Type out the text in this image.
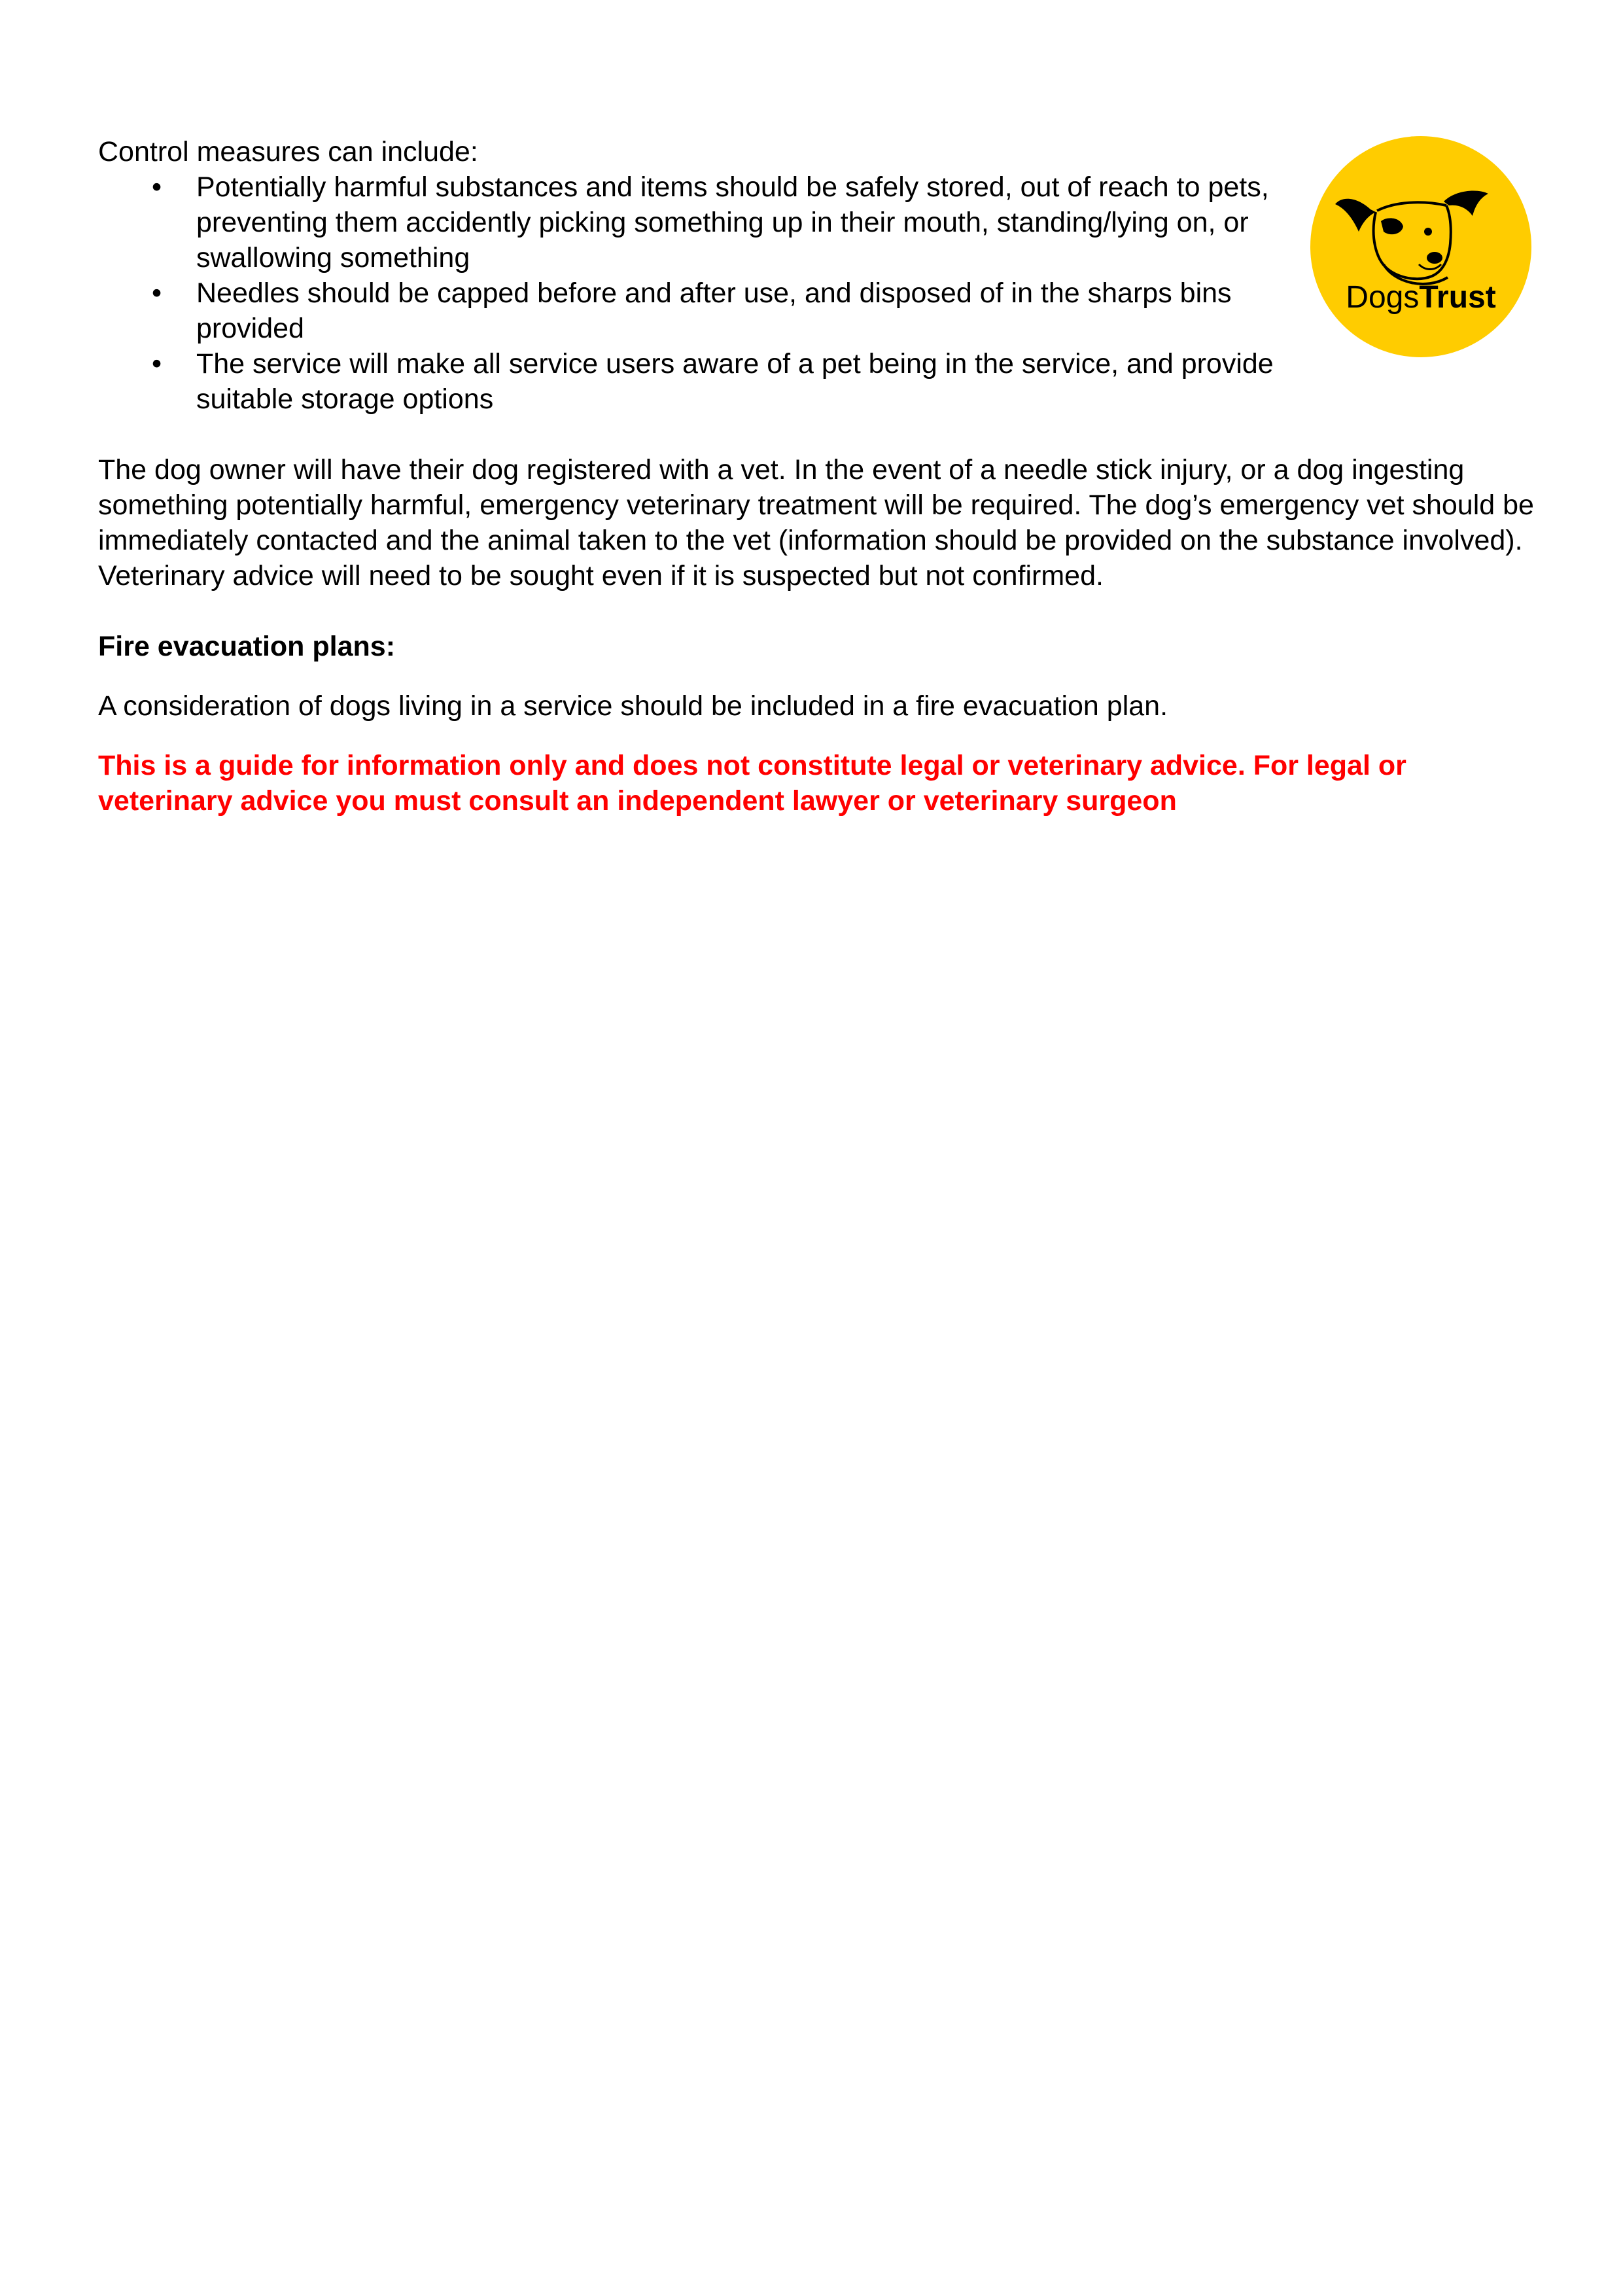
Control measures can include:

•	Potentially harmful substances and items should be safely stored, out of reach to pets, preventing them accidently picking something up in their mouth, standing/lying on, or swallowing something
•	Needles should be capped before and after use, and disposed of in the sharps bins provided
•	The service will make all service users aware of a pet being in the service, and provide suitable storage options

The dog owner will have their dog registered with a vet. In the event of a needle stick injury, or a dog ingesting something potentially harmful, emergency veterinary treatment will be required. The dog’s emergency vet should be immediately contacted and the animal taken to the vet (information should be provided on the substance involved). Veterinary advice will need to be sought even if it is suspected but not confirmed.

Fire evacuation plans:

A consideration of dogs living in a service should be included in a fire evacuation plan.

This is a guide for information only and does not constitute legal or veterinary advice. For legal or veterinary advice you must consult an independent lawyer or veterinary surgeon

DogsTrust
